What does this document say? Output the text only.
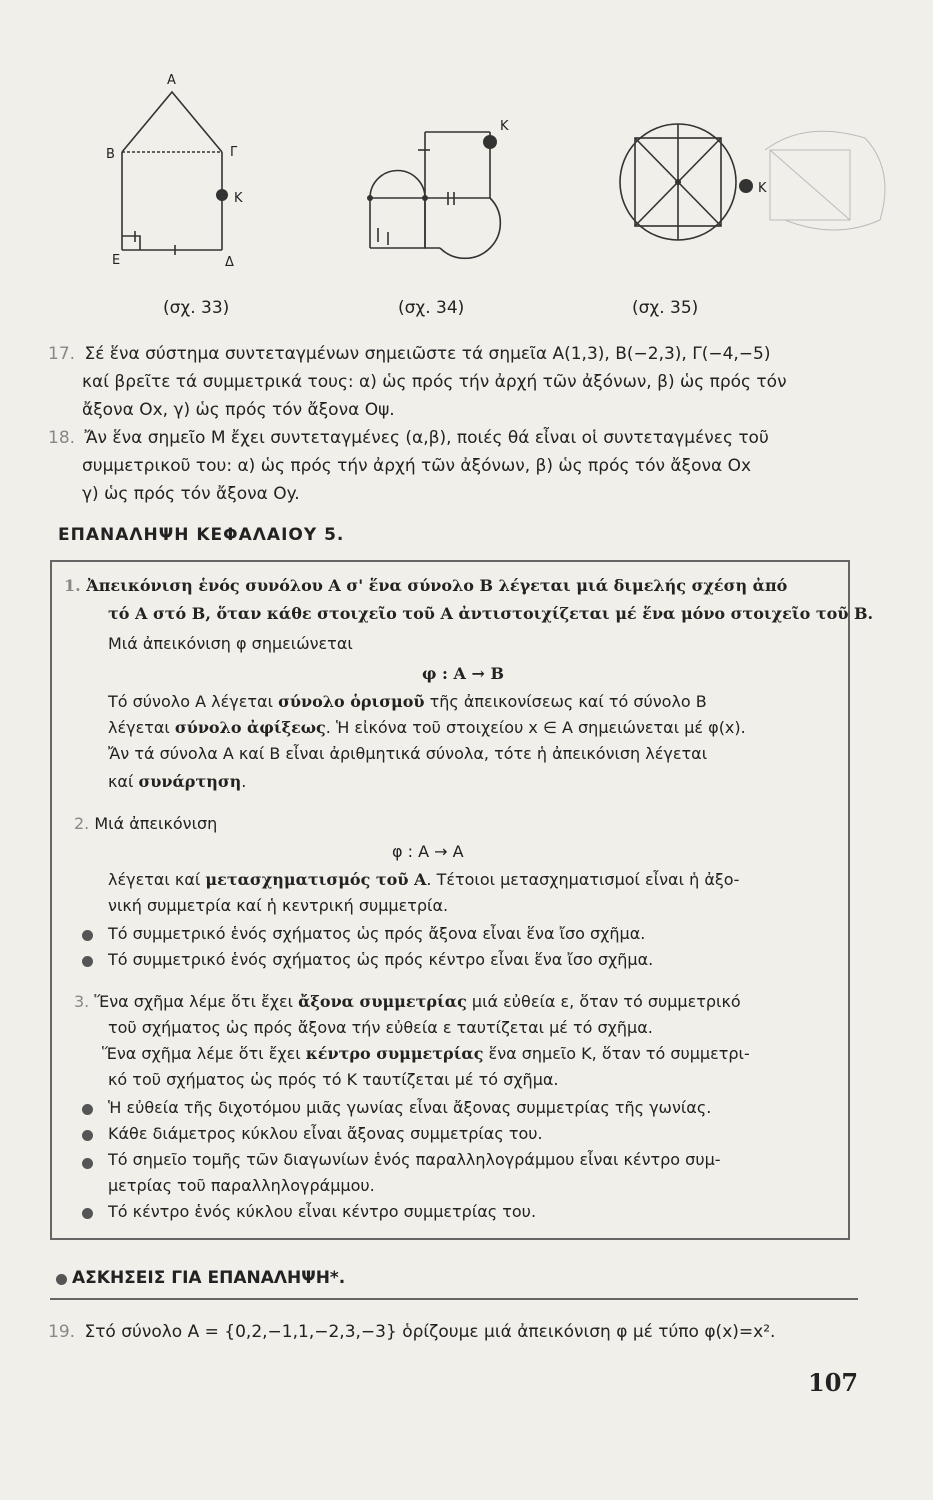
A
B	Γ
K
E	Δ
K
K
(σχ. 33)	(σχ. 34)	(σχ. 35)
17. Σέ ἕνα σύστημα συντεταγμένων σημειῶστε τά σημεῖα Α(1,3), Β(−2,3), Γ(−4,−5)
καί βρεῖτε τά συμμετρικά τους: α) ὡς πρός τήν ἀρχή τῶν ἀξόνων, β) ὡς πρός τόν
ἄξονα Οx, γ) ὡς πρός τόν ἄξονα Οψ.
18. Ἄν ἕνα σημεῖο Μ ἔχει συντεταγμένες (α,β), ποιές θά εἶναι οἱ συντεταγμένες τοῦ
συμμετρικοῦ του: α) ὡς πρός τήν ἀρχή τῶν ἀξόνων, β) ὡς πρός τόν ἄξονα Οx
γ) ὡς πρός τόν ἄξονα Οy.
ΕΠΑΝΑΛΗΨΗ ΚΕΦΑΛΑΙΟΥ 5.
1. Ἀπεικόνιση ἑνός συνόλου Α σ' ἕνα σύνολο Β λέγεται μιά διμελής σχέση ἀπό
τό Α στό Β, ὅταν κάθε στοιχεῖο τοῦ Α ἀντιστοιχίζεται μέ ἕνα μόνο στοιχεῖο τοῦ Β.
Μιά ἀπεικόνιση φ σημειώνεται
φ : A → B
Τό σύνολο Α λέγεται σύνολο ὁρισμοῦ τῆς ἀπεικονίσεως καί τό σύνολο Β
λέγεται σύνολο ἀφίξεως. Ἡ εἰκόνα τοῦ στοιχείου x ∈ A σημειώνεται μέ φ(x).
Ἄν τά σύνολα Α καί Β εἶναι ἀριθμητικά σύνολα, τότε ἡ ἀπεικόνιση λέγεται
καί συνάρτηση.
2. Μιά ἀπεικόνιση
φ : A → A
λέγεται καί μετασχηματισμός τοῦ Α. Τέτοιοι μετασχηματισμοί εἶναι ἡ ἀξο-
νική συμμετρία καί ἡ κεντρική συμμετρία.
Τό συμμετρικό ἑνός σχήματος ὡς πρός ἄξονα εἶναι ἕνα ἴσο σχῆμα.
Τό συμμετρικό ἑνός σχήματος ὡς πρός κέντρο εἶναι ἕνα ἴσο σχῆμα.
3. Ἕνα σχῆμα λέμε ὅτι ἔχει ἄξονα συμμετρίας μιά εὐθεία ε, ὅταν τό συμμετρικό
τοῦ σχήματος ὡς πρός ἄξονα τήν εὐθεία ε ταυτίζεται μέ τό σχῆμα.
Ἕνα σχῆμα λέμε ὅτι ἔχει κέντρο συμμετρίας ἕνα σημεῖο Κ, ὅταν τό συμμετρι-
κό τοῦ σχήματος ὡς πρός τό Κ ταυτίζεται μέ τό σχῆμα.
Ἡ εὐθεία τῆς διχοτόμου μιᾶς γωνίας εἶναι ἄξονας συμμετρίας τῆς γωνίας.
Κάθε διάμετρος κύκλου εἶναι ἄξονας συμμετρίας του.
Τό σημεῖο τομῆς τῶν διαγωνίων ἑνός παραλληλογράμμου εἶναι κέντρο συμ-
μετρίας τοῦ παραλληλογράμμου.
Τό κέντρο ἑνός κύκλου εἶναι κέντρο συμμετρίας του.
ΑΣΚΗΣΕΙΣ ΓΙΑ ΕΠΑΝΑΛΗΨΗ*.
19. Στό σύνολο Α = {0,2,−1,1,−2,3,−3} ὁρίζουμε μιά ἀπεικόνιση φ μέ τύπο φ(x)=x².
107
